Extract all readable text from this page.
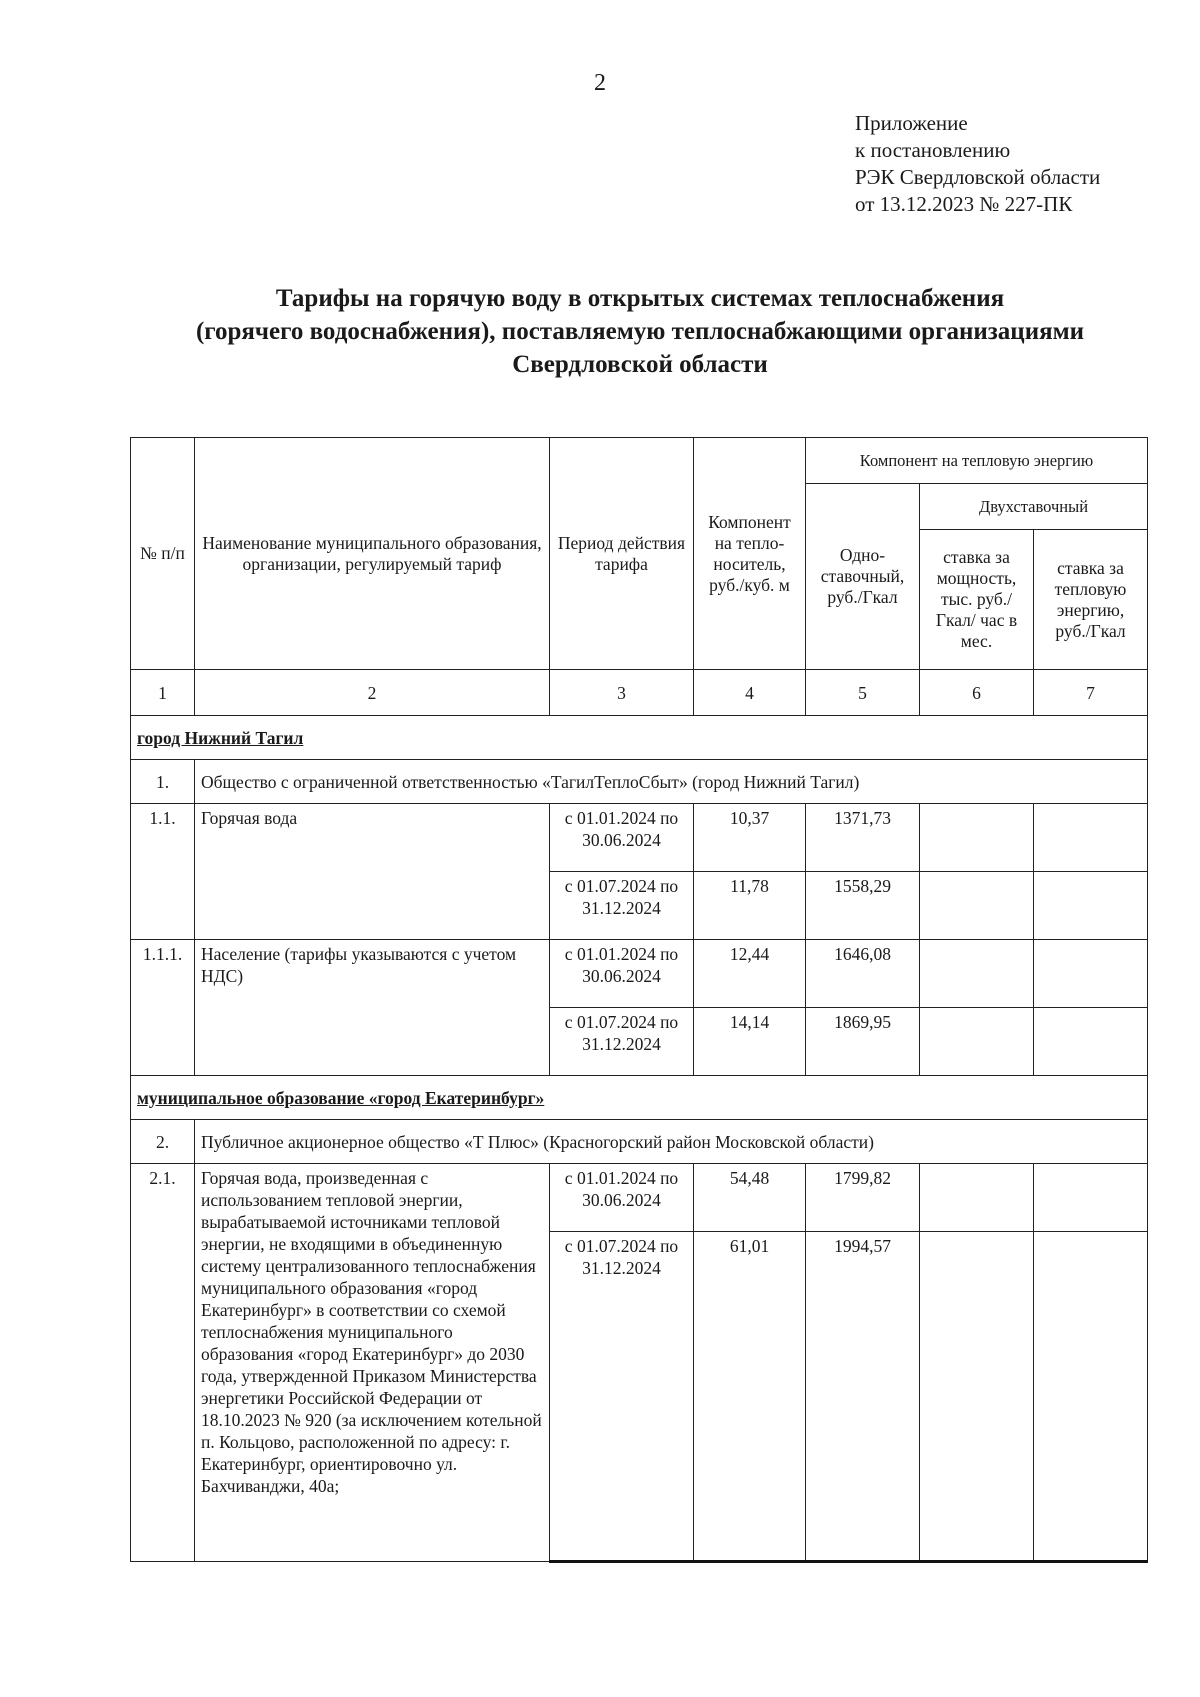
2
Приложение
к постановлению
РЭК Свердловской области
от 13.12.2023 № 227-ПК
Тарифы на горячую воду в открытых системах теплоснабжения
(горячего водоснабжения), поставляемую теплоснабжающими организациями
Свердловской области
№ п/п	Наименование муниципального образования, организации, регулируемый тариф	Период действия тарифа	Компонент на тепло-носитель, руб./куб. м	Компонент на тепловую энергию		
				Одно-ставочный, руб./Гкал	Двухставочный	
					ставка за мощность, тыс. руб./Гкал/ час в мес.	ставка за тепловую энергию, руб./Гкал
1	2	3	4	5	6	7
город Нижний Тагил						
1.	Общество с ограниченной ответственностью «ТагилТеплоСбыт» (город Нижний Тагил)					
1.1.	Горячая вода	с 01.01.2024 по 30.06.2024	10,37	1371,73		
		с 01.07.2024 по 31.12.2024	11,78	1558,29		
1.1.1.	Население (тарифы указываются с учетом НДС)	с 01.01.2024 по 30.06.2024	12,44	1646,08		
		с 01.07.2024 по 31.12.2024	14,14	1869,95		
муниципальное образование «город Екатеринбург»						
2.	Публичное акционерное общество «Т Плюс» (Красногорский район Московской области)					
2.1.	Горячая вода, произведенная с использованием тепловой энергии, вырабатываемой источниками тепловой энергии, не входящими в объединенную систему централизованного теплоснабжения муниципального образования «город Екатеринбург» в соответствии со схемой теплоснабжения муниципального образования «город Екатеринбург» до 2030 года, утвержденной Приказом Министерства энергетики Российской Федерации от 18.10.2023 № 920 (за исключением котельной п. Кольцово, расположенной по адресу: г. Екатеринбург, ориентировочно ул. Бахчиванджи, 40а;	с 01.01.2024 по 30.06.2024	54,48	1799,82		
		с 01.07.2024 по 31.12.2024	61,01	1994,57		
